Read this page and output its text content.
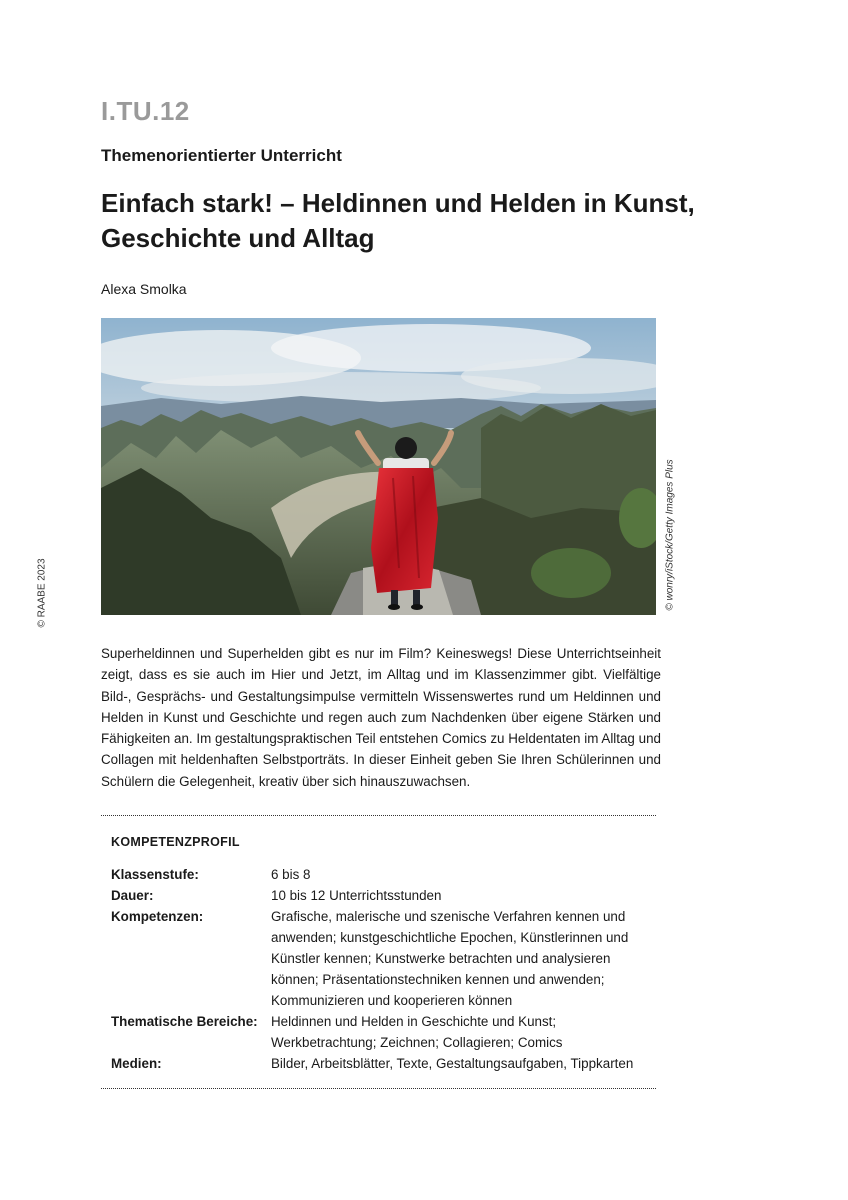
I.TU.12
Themenorientierter Unterricht
Einfach stark! – Heldinnen und Helden in Kunst,
Geschichte und Alltag
Alexa Smolka
© RAABE 2023	© wonry/iStock/Getty Images Plus

Superheldinnen und Superhelden gibt es nur im Film? Keineswegs! Diese Unterrichtseinheit zeigt, dass es sie auch im Hier und Jetzt, im Alltag und im Klassenzimmer gibt. Vielfältige Bild-, Gesprächs- und Gestaltungsimpulse vermitteln Wissenswertes rund um Heldinnen und Helden in Kunst und Geschichte und regen auch zum Nachdenken über eigene Stärken und Fähigkeiten an. Im gestaltungspraktischen Teil entstehen Comics zu Heldentaten im Alltag und Collagen mit heldenhaften Selbstporträts. In dieser Einheit geben Sie Ihren Schülerinnen und Schülern die Gelegenheit, kreativ über sich hinauszuwachsen.

KOMPETENZPROFIL
Klassenstufe:	6 bis 8
Dauer:	10 bis 12 Unterrichtsstunden
Kompetenzen:	Grafische, malerische und szenische Verfahren kennen und anwenden; kunstgeschichtliche Epochen, Künstlerinnen und Künstler kennen; Kunstwerke betrachten und analysieren können; Präsentationstechniken kennen und anwenden; Kommunizieren und kooperieren können
Thematische Bereiche: Heldinnen und Helden in Geschichte und Kunst; Werkbetrachtung; Zeichnen; Collagieren; Comics
Medien:	Bilder, Arbeitsblätter, Texte, Gestaltungsaufgaben, Tippkarten
